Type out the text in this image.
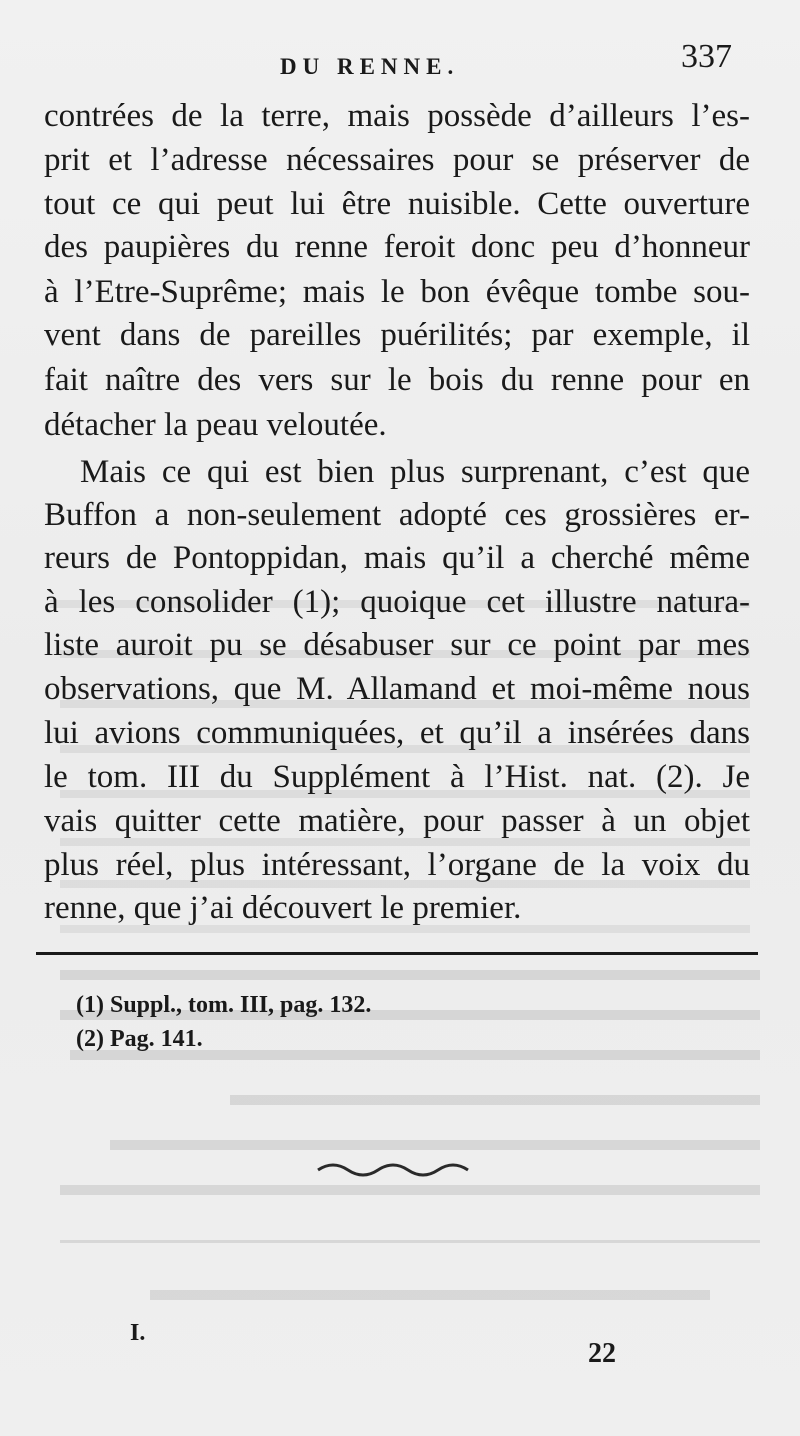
DU RENNE.	337
contrées de la terre, mais possède d’ailleurs l’es-
prit et l’adresse nécessaires pour se préserver de
tout ce qui peut lui être nuisible. Cette ouverture
des paupières du renne feroit donc peu d’honneur
à l’Etre-Suprême; mais le bon évêque tombe sou-
vent dans de pareilles puérilités; par exemple, il
fait naître des vers sur le bois du renne pour en
détacher la peau veloutée.
Mais ce qui est bien plus surprenant, c’est que
Buffon a non-seulement adopté ces grossières er-
reurs de Pontoppidan, mais qu’il a cherché même
à les consolider (1); quoique cet illustre natura-
liste auroit pu se désabuser sur ce point par mes
observations, que M. Allamand et moi-même nous
lui avions communiquées, et qu’il a insérées dans
le tom. III du Supplément à l’Hist. nat. (2). Je
vais quitter cette matière, pour passer à un objet
plus réel, plus intéressant, l’organe de la voix du
renne, que j’ai découvert le premier.
(1) Suppl., tom. III, pag. 132.
(2) Pag. 141.
I.
22
